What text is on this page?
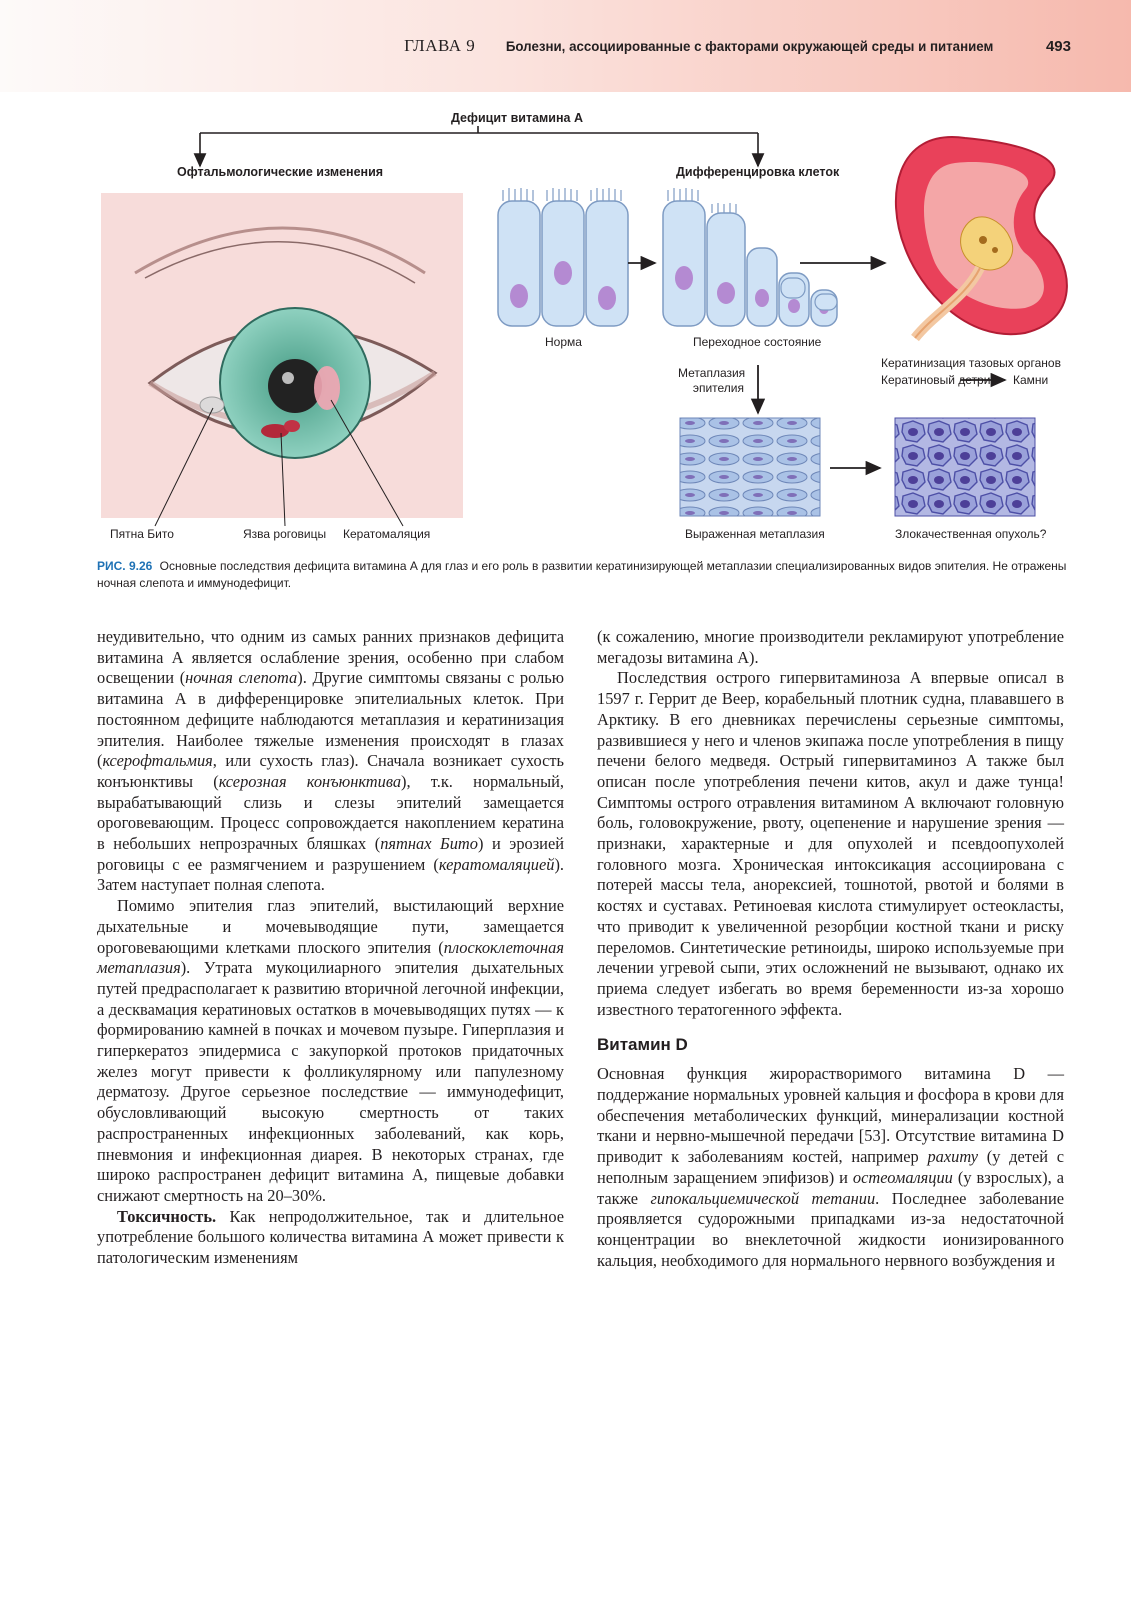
ГЛАВА 9 Болезни, ассоциированные с факторами окружающей среды и питанием	493
Дефицит витамина А
Офтальмологические изменения	Дифференцировка клеток
Пятна Бито	Язва роговицы Кератомаляция
Норма	Переходное состояние
Метаплазия
эпителия
Выраженная метаплазия	Злокачественная опухоль?
Кератинизация тазовых органов
Кератиновый детрит Камни
РИС. 9.26 Основные последствия дефицита витамина А для глаз и его роль в развитии кератинизирующей метаплазии специализированных видов эпителия. Не отражены ночная слепота и иммунодефицит.

неудивительно, что одним из самых ранних признаков дефицита витамина А является ослабление зрения, особенно при слабом освещении (ночная слепота). Другие симптомы связаны с ролью витамина А в дифференцировке эпителиальных клеток. При постоянном дефиците наблюдаются метаплазия и кератинизация эпителия. Наиболее тяжелые изменения происходят в глазах (ксерофтальмия, или сухость глаз). Сначала возникает сухость конъюнктивы (ксерозная конъюнктива), т.к. нормальный, вырабатывающий слизь и слезы эпителий замещается ороговевающим. Процесс сопровождается накоплением кератина в небольших непрозрачных бляшках (пятнах Бито) и эрозией роговицы с ее размягчением и разрушением (кератомаляцией). Затем наступает полная слепота.

Помимо эпителия глаз эпителий, выстилающий верхние дыхательные и мочевыводящие пути, замещается ороговевающими клетками плоского эпителия (плоскоклеточная метаплазия). Утрата мукоцилиарного эпителия дыхательных путей предрасполагает к развитию вторичной легочной инфекции, а десквамация кератиновых остатков в мочевыводящих путях — к формированию камней в почках и мочевом пузыре. Гиперплазия и гиперкератоз эпидермиса с закупоркой протоков придаточных желез могут привести к фолликулярному или папулезному дерматозу. Другое серьезное последствие — иммунодефицит, обусловливающий высокую смертность от таких распространенных инфекционных заболеваний, как корь, пневмония и инфекционная диарея. В некоторых странах, где широко распространен дефицит витамина А, пищевые добавки снижают смертность на 20–30%.

Токсичность. Как непродолжительное, так и длительное употребление большого количества витамина А может привести к патологическим изменениям

(к сожалению, многие производители рекламируют употребление мегадозы витамина А).

Последствия острого гипервитаминоза А впервые описал в 1597 г. Геррит де Веер, корабельный плотник судна, плававшего в Арктику. В его дневниках перечислены серьезные симптомы, развившиеся у него и членов экипажа после употребления в пищу печени белого медведя. Острый гипервитаминоз А также был описан после употребления печени китов, акул и даже тунца! Симптомы острого отравления витамином А включают головную боль, головокружение, рвоту, оцепенение и нарушение зрения — признаки, характерные и для опухолей и псевдоопухолей головного мозга. Хроническая интоксикация ассоциирована с потерей массы тела, анорексией, тошнотой, рвотой и болями в костях и суставах. Ретиноевая кислота стимулирует остеокласты, что приводит к увеличенной резорбции костной ткани и риску переломов. Синтетические ретиноиды, широко используемые при лечении угревой сыпи, этих осложнений не вызывают, однако их приема следует избегать во время беременности из-за хорошо известного тератогенного эффекта.

Витамин D

Основная функция жирорастворимого витамина D — поддержание нормальных уровней кальция и фосфора в крови для обеспечения метаболических функций, минерализации костной ткани и нервно-мышечной передачи [53]. Отсутствие витамина D приводит к заболеваниям костей, например рахиту (у детей с неполным заращением эпифизов) и остеомаляции (у взрослых), а также гипокальциемической тетании. Последнее заболевание проявляется судорожными припадками из-за недостаточной концентрации во внеклеточной жидкости ионизированного кальция, необходимого для нормального нервного возбуждения и
